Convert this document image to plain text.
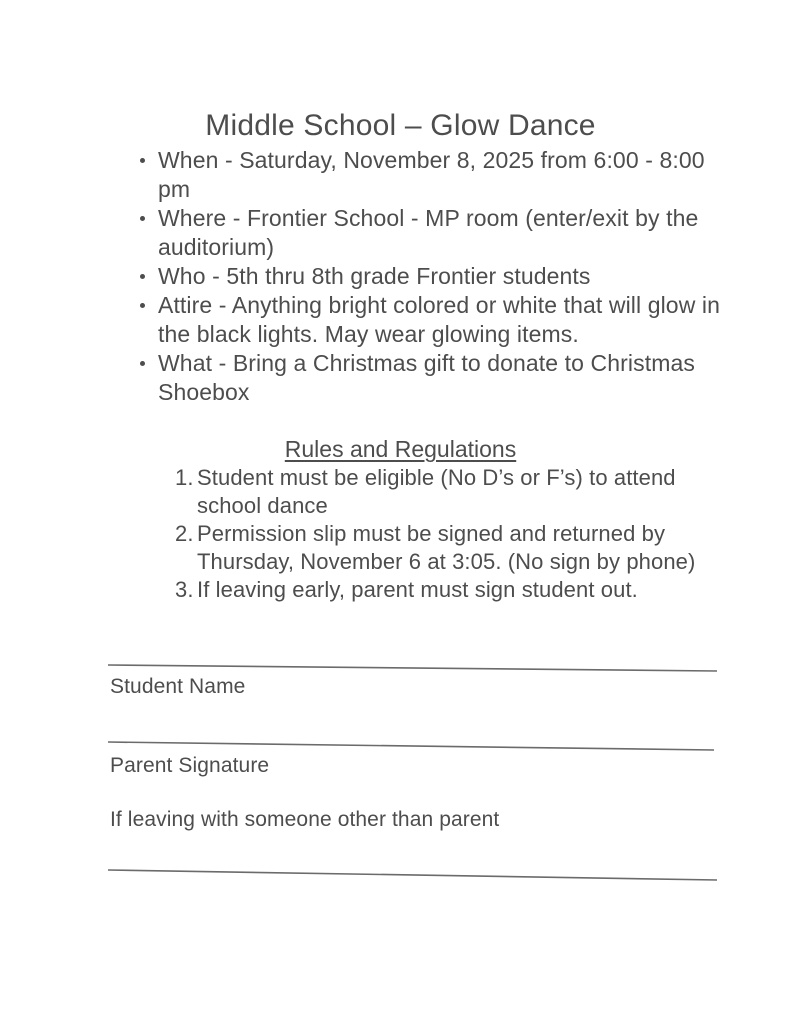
Middle School – Glow Dance
When - Saturday, November 8, 2025 from 6:00 - 8:00 pm
Where - Frontier School - MP room (enter/exit by the auditorium)
Who - 5th thru 8th grade Frontier students
Attire - Anything bright colored or white that will glow in the black lights. May wear glowing items.
What - Bring a Christmas gift to donate to Christmas Shoebox
Rules and Regulations
1. Student must be eligible (No D’s or F’s) to attend school dance
2. Permission slip must be signed and returned by Thursday, November 6 at 3:05. (No sign by phone)
3. If leaving early, parent must sign student out.
Student Name
Parent Signature
If leaving with someone other than parent
